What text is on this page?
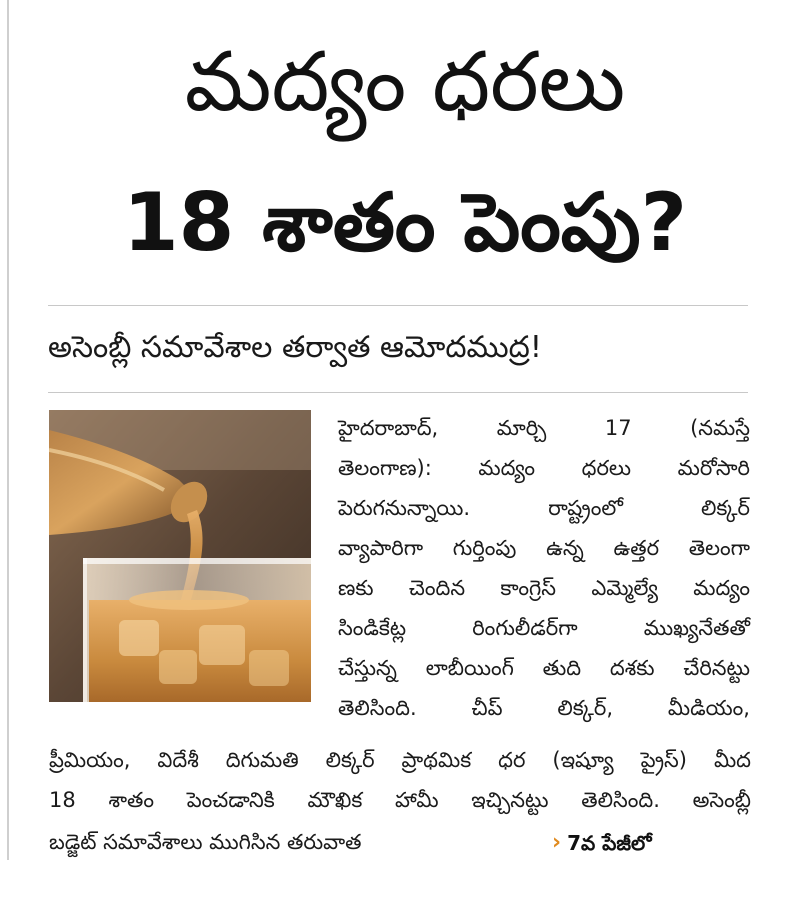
మద్యం ధరలు
18 శాతం పెంపు?
అసెంబ్లీ సమావేశాల తర్వాత ఆమోదముద్ర!

హైదరాబాద్, మార్చి 17 (నమస్తే

తెలంగాణ): మద్యం ధరలు మరోసారి

పెరుగనున్నాయి. రాష్ట్రంలో లిక్కర్

వ్యాపారిగా గుర్తింపు ఉన్న ఉత్తర తెలంగా

ణకు చెందిన కాంగ్రెస్ ఎమ్మెల్యే మద్యం

సిండికేట్ల రింగులీడర్‌గా ముఖ్యనేతతో

చేస్తున్న లాబీయింగ్ తుది దశకు చేరినట్టు

తెలిసింది. చీప్ లిక్కర్, మీడియం,

ప్రీమియం, విదేశీ దిగుమతి లిక్కర్ ప్రాథమిక ధర (ఇష్యూ ప్రైస్) మీద

18 శాతం పెంచడానికి మౌఖిక హామీ ఇచ్చినట్టు తెలిసింది. అసెంబ్లీ

బడ్జెట్ సమావేశాలు ముగిసిన తరువాత	› 7వ పేజీలో
